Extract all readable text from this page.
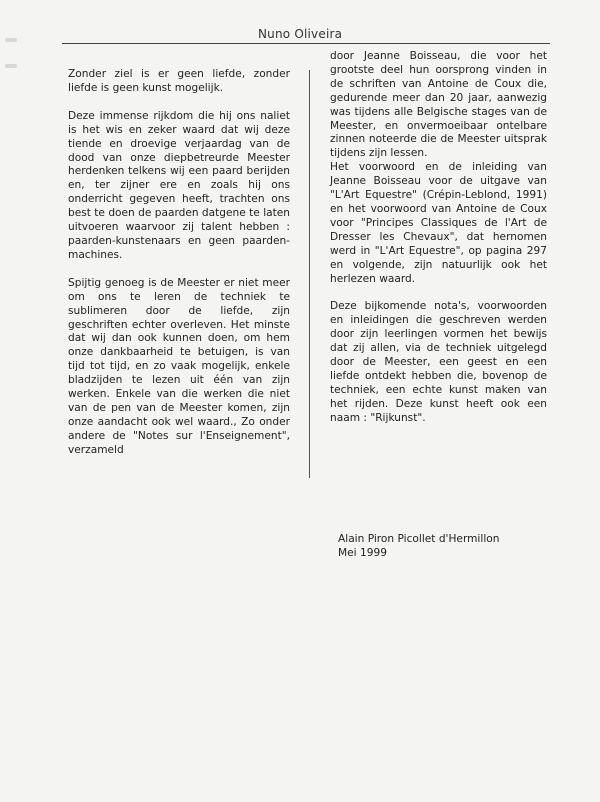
Nuno Oliveira

Zonder ziel is er geen liefde, zonder liefde is geen kunst mogelijk.

Deze immense rijkdom die hij ons naliet is het wis en zeker waard dat wij deze tiende en droevige verjaardag van de dood van onze diepbetreurde Meester herdenken telkens wij een paard berijden en, ter zijner ere en zoals hij ons onderricht gegeven heeft, trachten ons best te doen de paarden datgene te laten uitvoeren waarvoor zij talent hebben : paarden-kunstenaars en geen paarden-machines.

Spijtig genoeg is de Meester er niet meer om ons te leren de techniek te sublimeren door de liefde, zijn geschriften echter overleven. Het minste dat wij dan ook kunnen doen, om hem onze dankbaarheid te betuigen, is van tijd tot tijd, en zo vaak mogelijk, enkele bladzijden te lezen uit één van zijn werken. Enkele van die werken die niet van de pen van de Meester komen, zijn onze aandacht ook wel waard., Zo onder andere de "Notes sur l'Enseignement", verzameld

door Jeanne Boisseau, die voor het grootste deel hun oorsprong vinden in de schriften van Antoine de Coux die, gedurende meer dan 20 jaar, aanwezig was tijdens alle Belgische stages van de Meester, en onvermoeibaar ontelbare zinnen noteerde die de Meester uitsprak tijdens zijn lessen.

Het voorwoord en de inleiding van Jeanne Boisseau voor de uitgave van "L'Art Equestre" (Crépin-Leblond, 1991) en het voorwoord van Antoine de Coux voor "Principes Classiques de l'Art de Dresser les Chevaux", dat hernomen werd in "L'Art Equestre", op pagina 297 en volgende, zijn natuurlijk ook het herlezen waard.

Deze bijkomende nota's, voorwoorden en inleidingen die geschreven werden door zijn leerlingen vormen het bewijs dat zij allen, via de techniek uitgelegd door de Meester, een geest en een liefde ontdekt hebben die, bovenop de techniek, een echte kunst maken van het rijden. Deze kunst heeft ook een naam : "Rijkunst".

Alain Piron Picollet d'Hermillon
Mei 1999
